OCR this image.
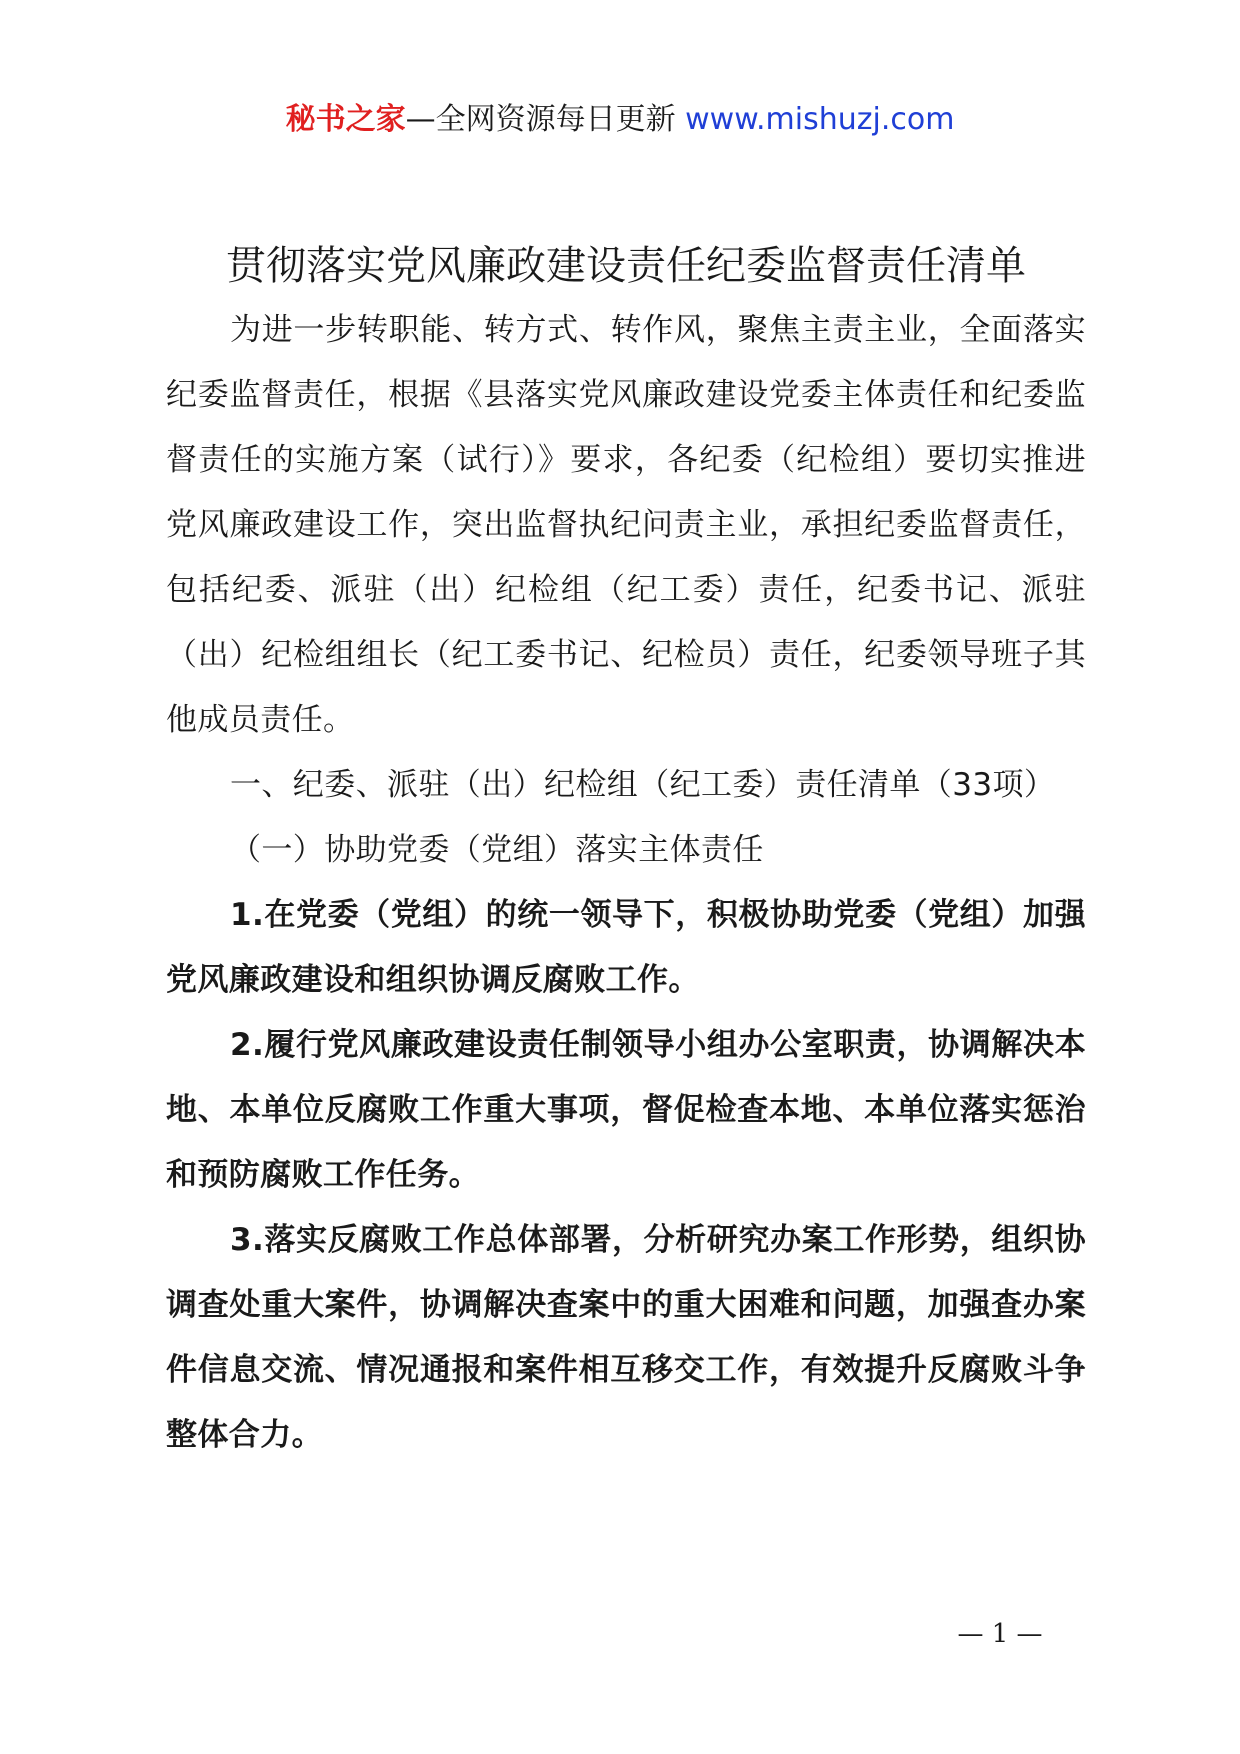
秘书之家—全网资源每日更新 www.mishuzj.com
贯彻落实党风廉政建设责任纪委监督责任清单

为进一步转职能、转方式、转作风，聚焦主责主业，全面落实纪委监督责任，根据《县落实党风廉政建设党委主体责任和纪委监督责任的实施方案（试行）》要求，各纪委（纪检组）要切实推进党风廉政建设工作，突出监督执纪问责主业，承担纪委监督责任，包括纪委、派驻（出）纪检组（纪工委）责任，纪委书记、派驻（出）纪检组组长（纪工委书记、纪检员）责任，纪委领导班子其他成员责任。

一、纪委、派驻（出）纪检组（纪工委）责任清单（33项）

（一）协助党委（党组）落实主体责任

1.在党委（党组）的统一领导下，积极协助党委（党组）加强党风廉政建设和组织协调反腐败工作。

2.履行党风廉政建设责任制领导小组办公室职责，协调解决本地、本单位反腐败工作重大事项，督促检查本地、本单位落实惩治和预防腐败工作任务。

3.落实反腐败工作总体部署，分析研究办案工作形势，组织协调查处重大案件，协调解决查案中的重大困难和问题，加强查办案件信息交流、情况通报和案件相互移交工作，有效提升反腐败斗争整体合力。

— 1 —
